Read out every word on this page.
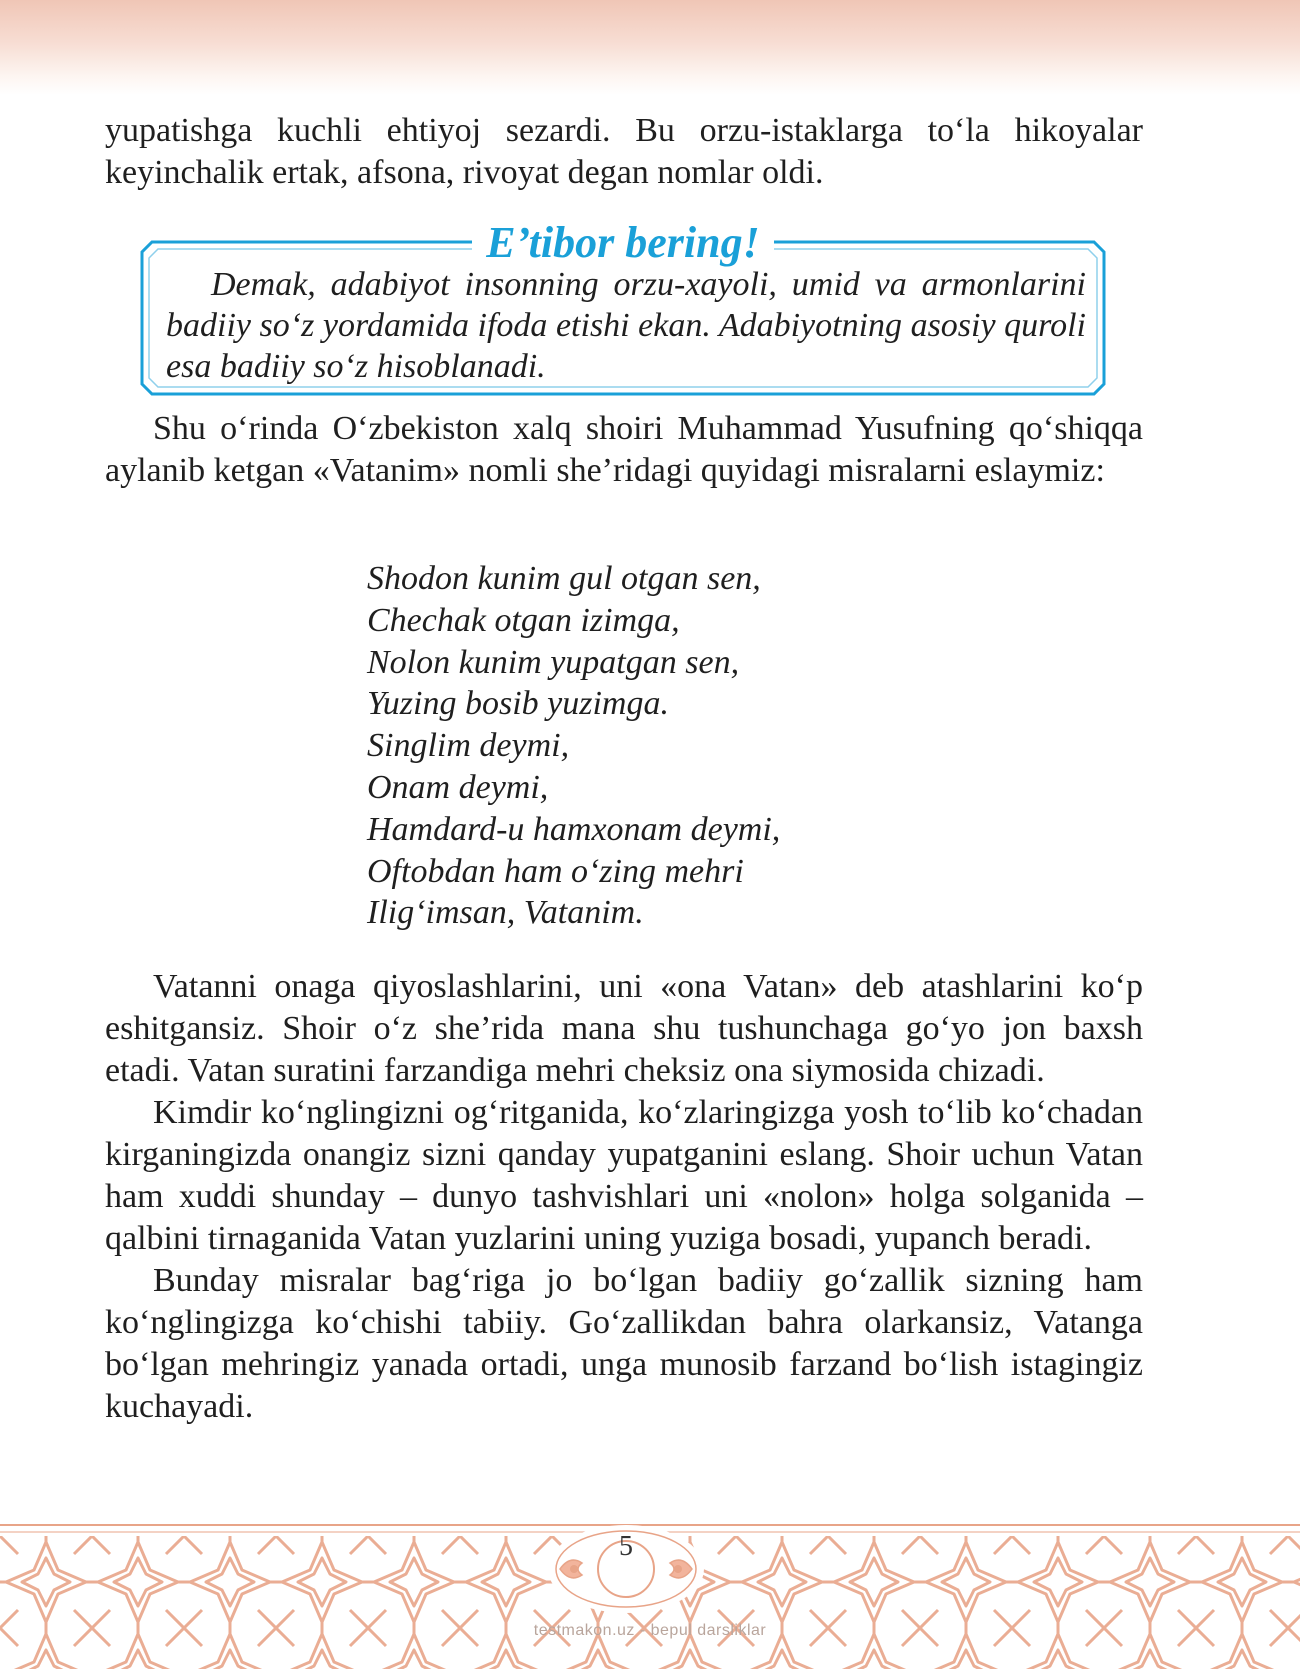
yupatishga kuchli ehtiyoj sezardi. Bu orzu-istaklarga to‘la hikoyalar

keyinchalik ertak, afsona, rivoyat degan nomlar oldi.

E’tibor bering!

Demak, adabiyot insonning orzu-xayoli, umid va armonlarini badiiy so‘z yordamida ifoda etishi ekan. Adabiyotning asosiy quroli esa badiiy so‘z hisoblanadi.

Shu o‘rinda O‘zbekiston xalq shoiri Muhammad Yusufning qo‘shiqqa aylanib ketgan «Vatanim» nomli she’ridagi quyidagi misralarni eslaymiz:

Shodon kunim gul otgan sen,
Chechak otgan izimga,
Nolon kunim yupatgan sen,
Yuzing bosib yuzimga.
Singlim deymi,
Onam deymi,
Hamdard-u hamxonam deymi,
Oftobdan ham o‘zing mehri
Ilig‘imsan, Vatanim.

Vatanni onaga qiyoslashlarini, uni «ona Vatan» deb atashlarini ko‘p eshitgansiz. Shoir o‘z she’rida mana shu tushunchaga go‘yo jon baxsh etadi. Vatan suratini farzandiga mehri cheksiz ona siymosida chizadi.

Kimdir ko‘nglingizni og‘ritganida, ko‘zlaringizga yosh to‘lib ko‘chadan kirganingizda onangiz sizni qanday yupatganini eslang. Shoir uchun Vatan ham xuddi shunday – dunyo tashvishlari uni «nolon» holga solganida – qalbini tirnaganida Vatan yuzlarini uning yuziga bosadi, yupanch beradi.

Bunday misralar bag‘riga jo bo‘lgan badiiy go‘zallik sizning ham ko‘nglingizga ko‘chishi tabiiy. Go‘zallikdan bahra olarkansiz, Vatanga bo‘lgan mehringiz yanada ortadi, unga munosib farzand bo‘lish istagingiz kuchayadi.

5
testmakon.uz - bepul darsliklar
